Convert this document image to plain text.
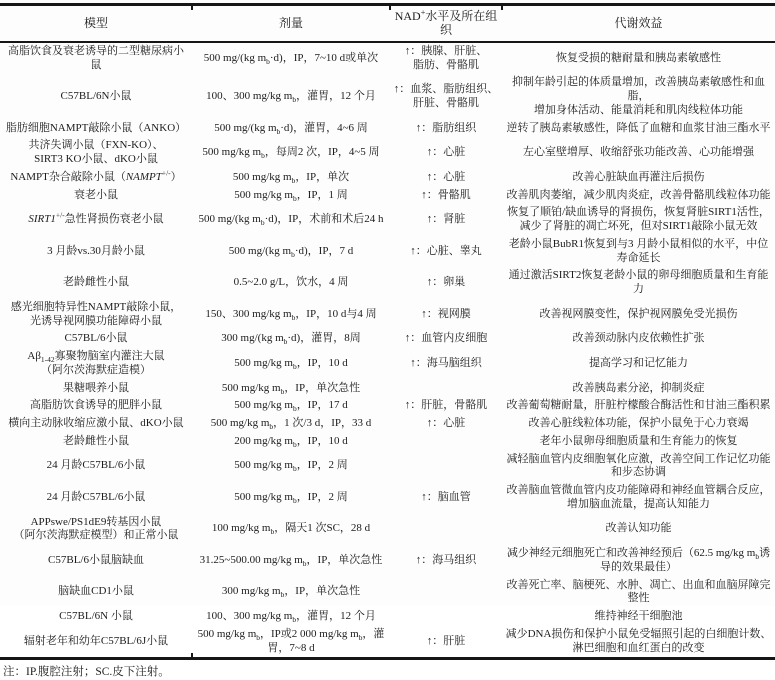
模型	剂量	NAD+水平及所在组织	代谢效益
高脂饮食及衰老诱导的二型糖尿病小鼠	500 mg/(kg $m_b\cdot d$)，IP，7~10 d或单次	↑：胰腺、肝脏、
脂肪、骨骼肌	恢复受损的糖耐量和胰岛素敏感性
C57BL/6N小鼠	100、300 mg/kg $m_b$，灌胃，12 个月	↑：血浆、脂肪组织、
肝脏、骨骼肌	抑制年龄引起的体质量增加，改善胰岛素敏感性和血脂，
增加身体活动、能量消耗和肌肉线粒体功能
脂肪细胞NAMPT敲除小鼠（ANKO）	500 mg/(kg $m_b\cdot d$)，灌胃，4~6 周	↑：脂肪组织	逆转了胰岛素敏感性，降低了血糖和血浆甘油三酯水平
共济失调小鼠（FXN-KO）、
SIRT3 KO小鼠、dKO小鼠	500 mg/kg $m_b$，每周2 次，IP，4~5 周	↑：心脏	左心室壁增厚、收缩舒张功能改善、心功能增强
NAMPT杂合敲除小鼠（NAMPT+/-）	500 mg/kg $m_b$，IP，单次	↑：心脏	改善心脏缺血再灌注后损伤
衰老小鼠	500 mg/kg $m_b$，IP，1 周	↑：骨骼肌	改善肌肉萎缩，减少肌肉炎症，改善骨骼肌线粒体功能
SIRT1+/-急性肾损伤衰老小鼠	500 mg/(kg $m_b\cdot d$)，IP，术前和术后24 h	↑：肾脏	恢复了顺铂/缺血诱导的肾损伤，恢复肾脏SIRT1活性，
减少了肾脏的凋亡坏死，但对SIRT1敲除小鼠无效
3 月龄vs.30月龄小鼠	500 mg/(kg $m_b\cdot d$)，IP，7 d	↑：心脏、睾丸	老龄小鼠BubR1恢复到与3 月龄小鼠相似的水平，中位寿命延长
老龄雌性小鼠	0.5~2.0 g/L，饮水，4 周	↑：卵巢	通过激活SIRT2恢复老龄小鼠的卵母细胞质量和生育能力
感光细胞特异性NAMPT敲除小鼠，
光诱导视网膜功能障碍小鼠	150、300 mg/kg $m_b$，IP，10 d与4 周	↑：视网膜	改善视网膜变性，保护视网膜免受光损伤
C57BL/6小鼠	300 mg/(kg $m_b\cdot d$)，灌胃，8周	↑：血管内皮细胞	改善颈动脉内皮依赖性扩张
$A\beta_{1-42}$寡聚物脑室内灌注大鼠
（阿尔茨海默症造模）	500 mg/kg $m_b$，IP，10 d	↑：海马脑组织	提高学习和记忆能力
果糖喂养小鼠	500 mg/kg $m_b$，IP，单次急性		改善胰岛素分泌，抑制炎症
高脂肪饮食诱导的肥胖小鼠	500 mg/kg $m_b$，IP，17 d	↑：肝脏，骨骼肌	改善葡萄糖耐量，肝脏柠檬酸合酶活性和甘油三酯积累
横向主动脉收缩应激小鼠、dKO小鼠	500 mg/kg $m_b$，1 次/3 d，IP，33 d	↑：心脏	改善心脏线粒体功能，保护小鼠免于心力衰竭
老龄雌性小鼠	200 mg/kg $m_b$，IP，10 d		老年小鼠卵母细胞质量和生育能力的恢复
24 月龄C57BL/6小鼠	500 mg/kg $m_b$，IP，2 周		减轻脑血管内皮细胞氧化应激，改善空间工作记忆功能和步态协调
24 月龄C57BL/6小鼠	500 mg/kg $m_b$，IP，2 周	↑：脑血管	改善脑血管微血管内皮功能障碍和神经血管耦合反应，
增加脑血流量，提高认知能力
APPswe/PS1dE9转基因小鼠
（阿尔茨海默症模型）和正常小鼠	100 mg/kg $m_b$，隔天1 次SC，28 d		改善认知功能
C57BL/6小鼠脑缺血	31.25~500.00 mg/kg $m_b$，IP，单次急性	↑：海马组织	减少神经元细胞死亡和改善神经预后（62.5 mg/kg $m_b$诱导的效果最佳）
脑缺血CD1小鼠	300 mg/kg $m_b$，IP，单次急性		改善死亡率、脑梗死、水肿、凋亡、出血和血脑屏障完整性
C57BL/6N 小鼠	100、300 mg/kg $m_b$，灌胃，12 个月		维持神经干细胞池
辐射老年和幼年C57BL/6J小鼠	500 mg/kg $m_b$，IP或2 000 mg/kg $m_b$，灌胃，7~8 d	↑：肝脏	减少DNA损伤和保护小鼠免受辐照引起的白细胞计数、
淋巴细胞和血红蛋白的改变
注：IP.腹腔注射；SC.皮下注射。
